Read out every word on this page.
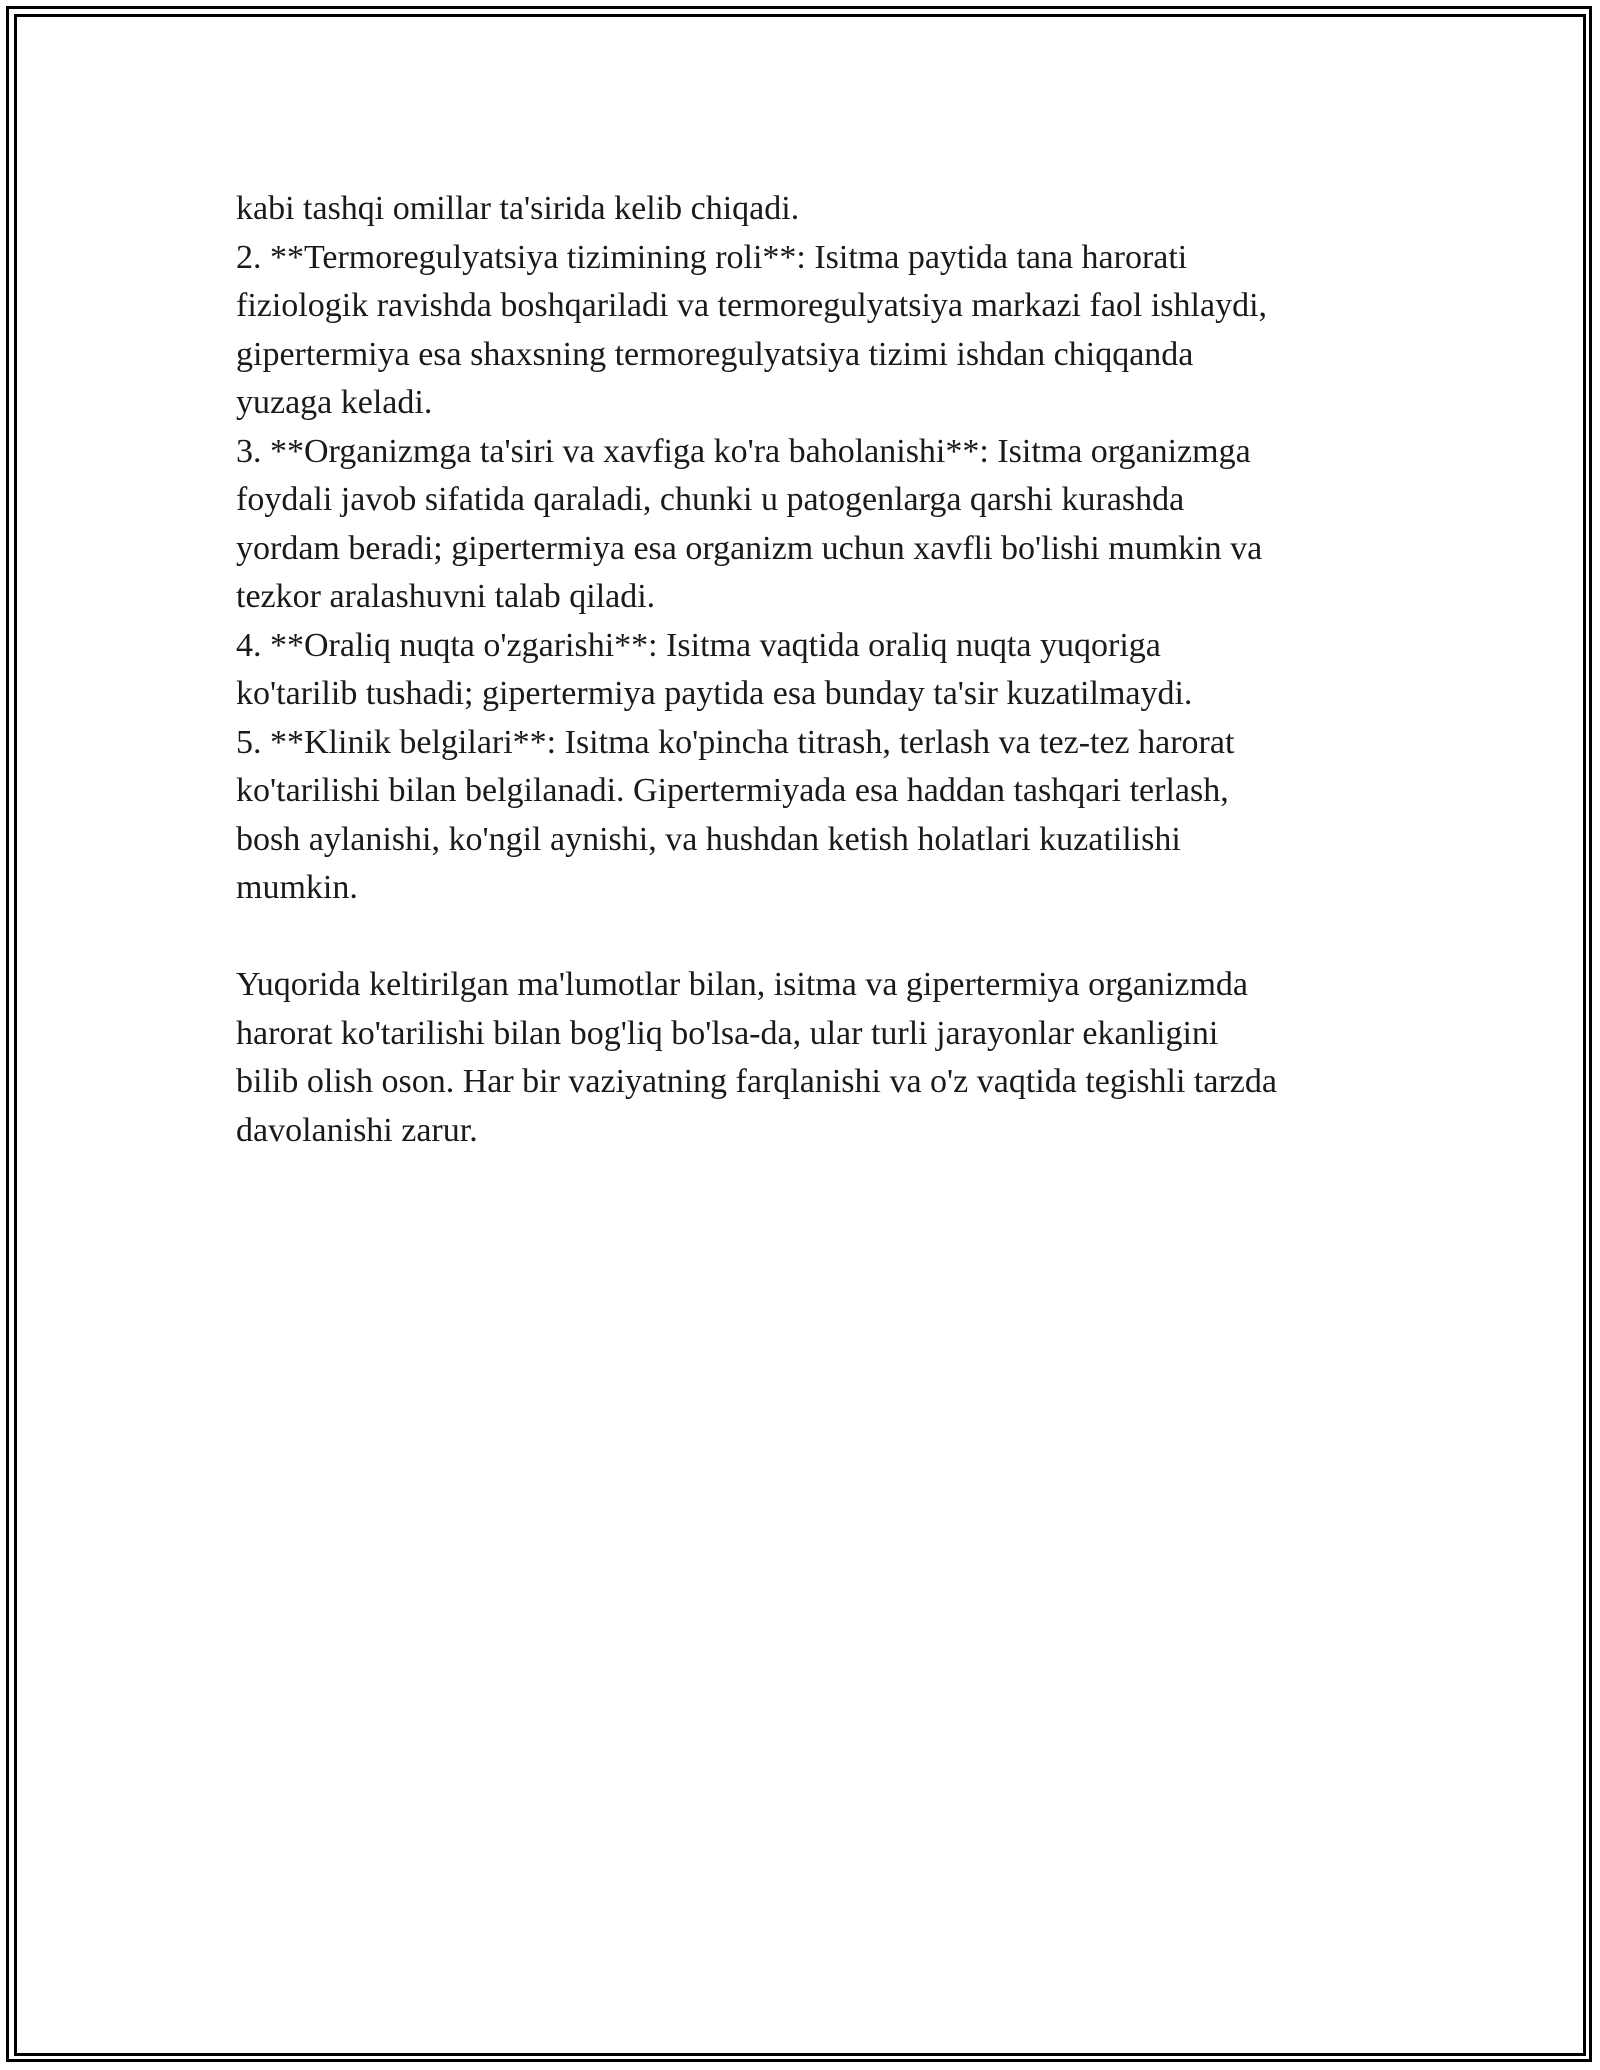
kabi tashqi omillar ta'sirida kelib chiqadi.
2. **Termoregulyatsiya tizimining roli**: Isitma paytida tana harorati
fiziologik ravishda boshqariladi va termoregulyatsiya markazi faol ishlaydi,
gipertermiya esa shaxsning termoregulyatsiya tizimi ishdan chiqqanda
yuzaga keladi.
3. **Organizmga ta'siri va xavfiga ko'ra baholanishi**: Isitma organizmga
foydali javob sifatida qaraladi, chunki u patogenlarga qarshi kurashda
yordam beradi; gipertermiya esa organizm uchun xavfli bo'lishi mumkin va
tezkor aralashuvni talab qiladi.
4. **Oraliq nuqta o'zgarishi**: Isitma vaqtida oraliq nuqta yuqoriga
ko'tarilib tushadi; gipertermiya paytida esa bunday ta'sir kuzatilmaydi.
5. **Klinik belgilari**: Isitma ko'pincha titrash, terlash va tez-tez harorat
ko'tarilishi bilan belgilanadi. Gipertermiyada esa haddan tashqari terlash,
bosh aylanishi, ko'ngil aynishi, va hushdan ketish holatlari kuzatilishi
mumkin.
Yuqorida keltirilgan ma'lumotlar bilan, isitma va gipertermiya organizmda
harorat ko'tarilishi bilan bog'liq bo'lsa-da, ular turli jarayonlar ekanligini
bilib olish oson. Har bir vaziyatning farqlanishi va o'z vaqtida tegishli tarzda
davolanishi zarur.
